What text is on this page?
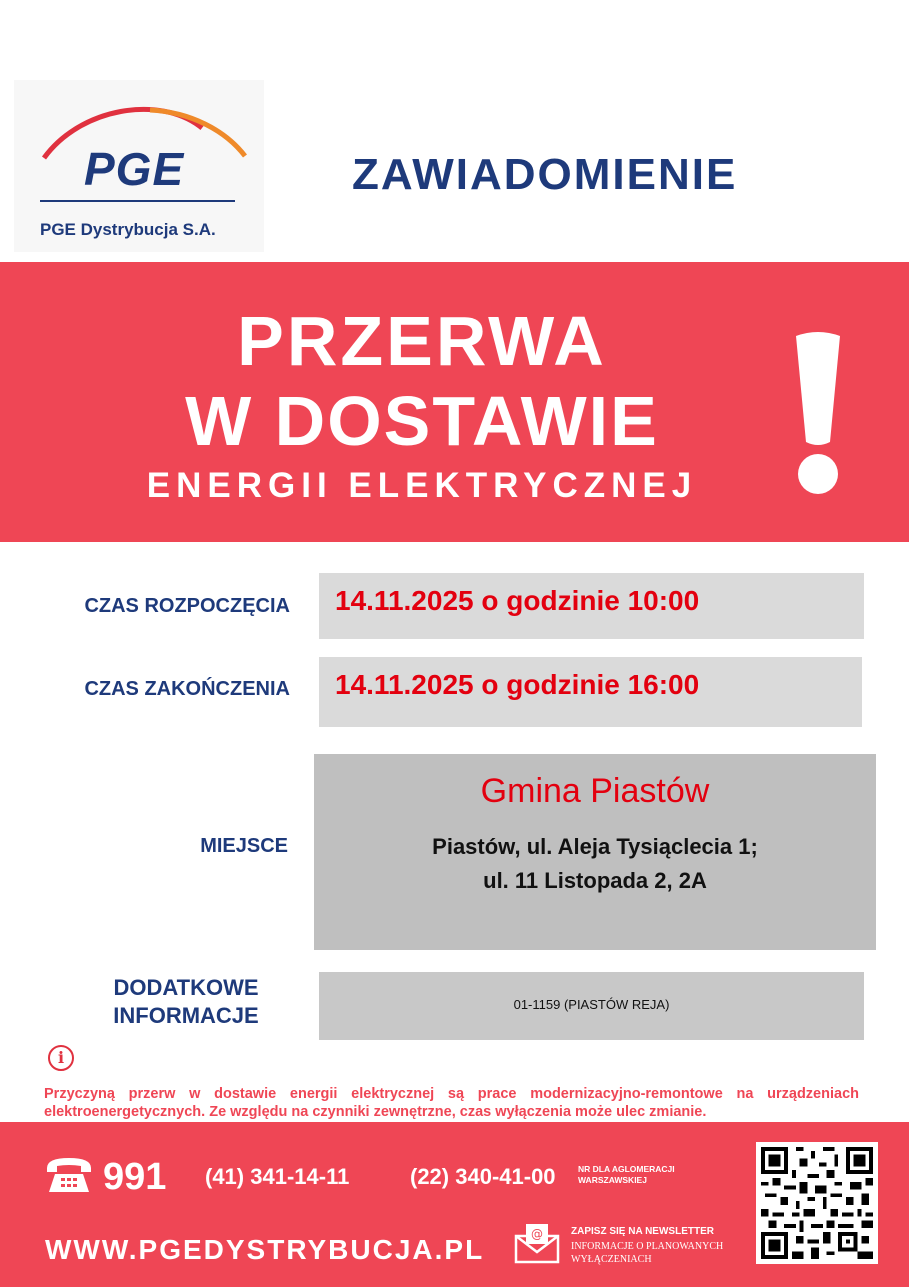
PGE
PGE Dystrybucja S.A.
ZAWIADOMIENIE
PRZERWA
W DOSTAWIE
ENERGII ELEKTRYCZNEJ
CZAS ROZPOCZĘCIA 14.11.2025 o godzinie 10:00
CZAS ZAKOŃCZENIA 14.11.2025 o godzinie 16:00
MIEJSCE
Gmina Piastów
Piastów, ul. Aleja Tysiąclecia 1;
ul. 11 Listopada 2, 2A
DODATKOWE INFORMACJE	01-1159 (PIASTÓW REJA)
i
Przyczyną przerw w dostawie energii elektrycznej są prace modernizacyjno-remontowe na urządzeniach elektroenergetycznych. Ze względu na czynniki zewnętrzne, czas wyłączenia może ulec zmianie.
991 (41) 341-14-11	(22) 340-41-00	NR DLA AGLOMERACJI WARSZAWSKIEJ
WWW.PGEDYSTRYBUCJA.PL	@	ZAPISZ SIĘ NA NEWSLETTER
INFORMACJE O PLANOWANYCH WYŁĄCZENIACH
